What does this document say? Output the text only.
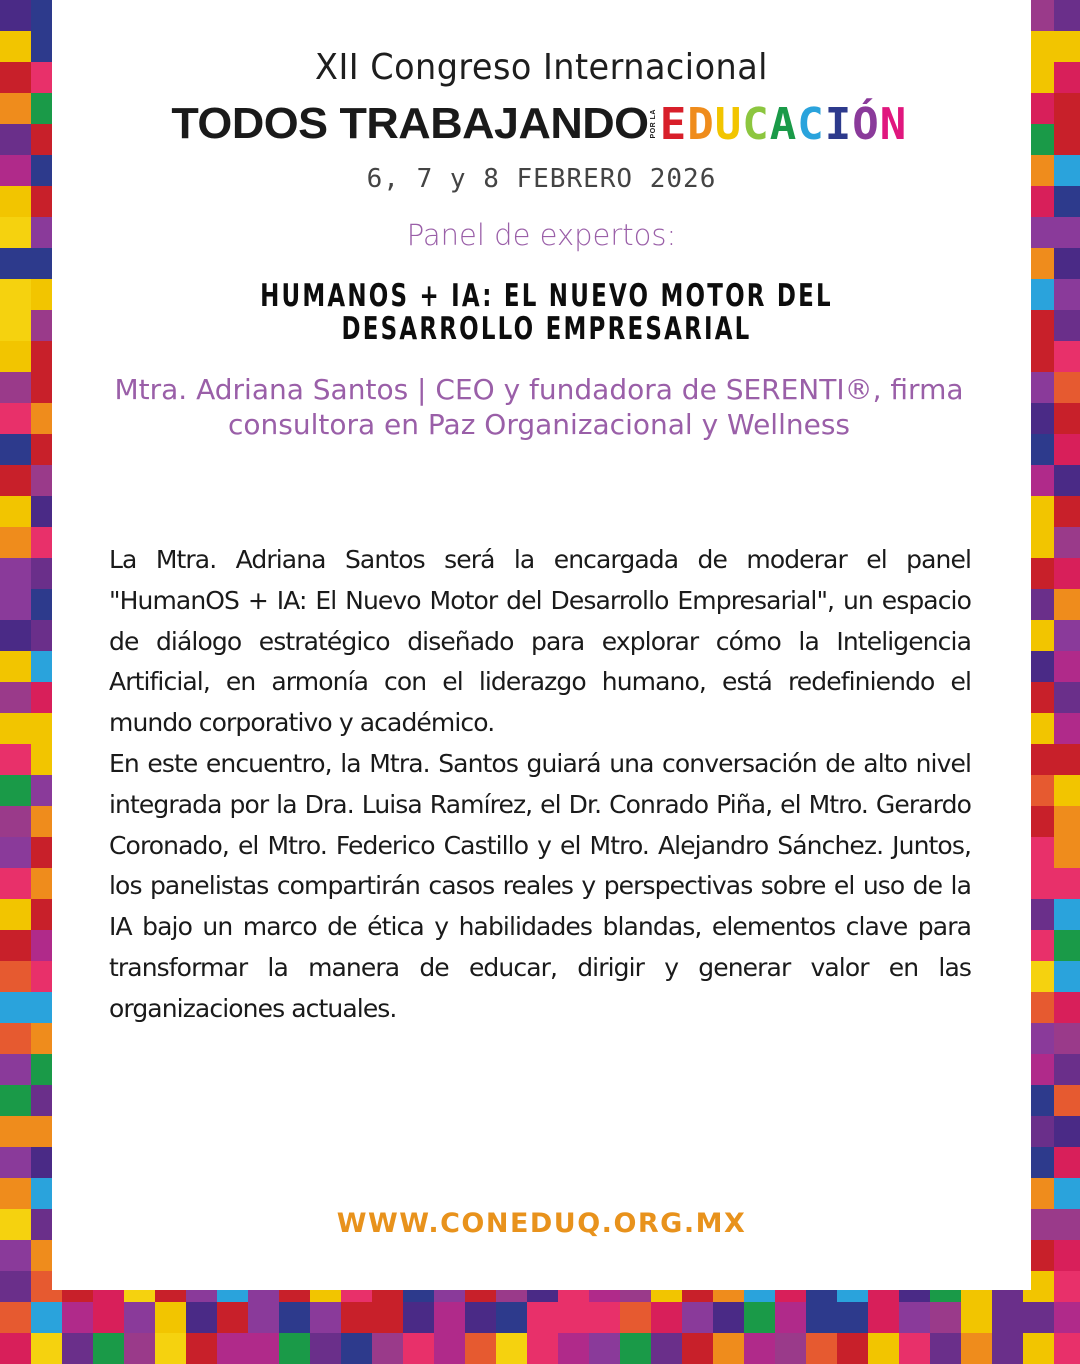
XII Congreso Internacional
TODOS TRABAJANDO POR LA E D U C A C I Ó N
6, 7 y 8 FEBRERO 2026
Panel de expertos:
HUMANOS + IA: EL NUEVO MOTOR DEL DESARROLLO EMPRESARIAL
Mtra. Adriana Santos | CEO y fundadora de SERENTI®, firma consultora en Paz Organizacional y Wellness

La Mtra. Adriana Santos será la encargada de moderar el panel "HumanOS + IA: El Nuevo Motor del Desarrollo Empresarial", un espacio de diálogo estratégico diseñado para explorar cómo la Inteligencia Artificial, en armonía con el liderazgo humano, está redefiniendo el mundo corporativo y académico.

En este encuentro, la Mtra. Santos guiará una conversación de alto nivel integrada por la Dra. Luisa Ramírez, el Dr. Conrado Piña, el Mtro. Gerardo Coronado, el Mtro. Federico Castillo y el Mtro. Alejandro Sánchez. Juntos, los panelistas compartirán casos reales y perspectivas sobre el uso de la IA bajo un marco de ética y habilidades blandas, elementos clave para transformar la manera de educar, dirigir y generar valor en las organizaciones actuales.

WWW.CONEDUQ.ORG.MX
